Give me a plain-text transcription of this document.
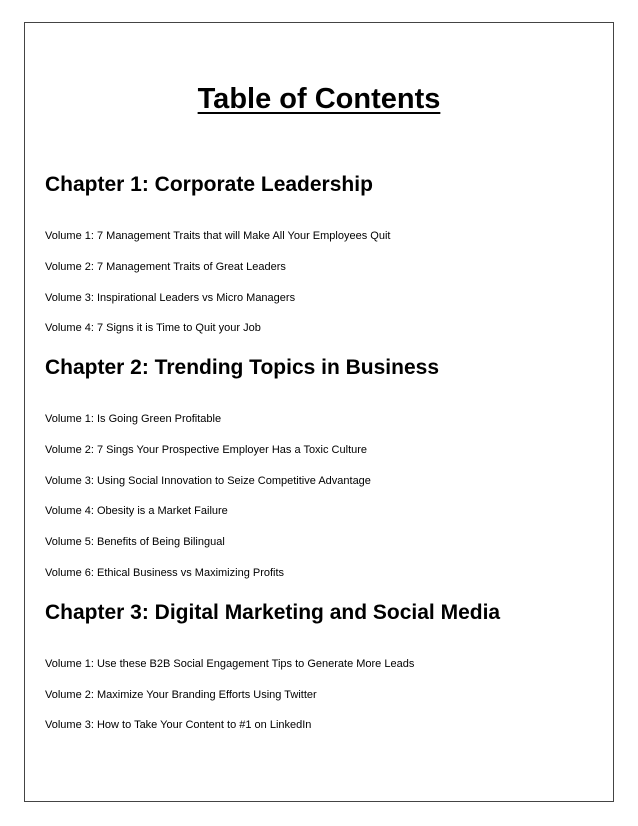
Table of Contents
Chapter 1: Corporate Leadership

Volume 1: 7 Management Traits that will Make All Your Employees Quit

Volume 2: 7 Management Traits of Great Leaders

Volume 3: Inspirational Leaders vs Micro Managers

Volume 4: 7 Signs it is Time to Quit your Job

Chapter 2: Trending Topics in Business

Volume 1: Is Going Green Profitable

Volume 2: 7 Sings Your Prospective Employer Has a Toxic Culture

Volume 3: Using Social Innovation to Seize Competitive Advantage

Volume 4: Obesity is a Market Failure

Volume 5: Benefits of Being Bilingual

Volume 6: Ethical Business vs Maximizing Profits

Chapter 3: Digital Marketing and Social Media

Volume 1: Use these B2B Social Engagement Tips to Generate More Leads

Volume 2: Maximize Your Branding Efforts Using Twitter

Volume 3: How to Take Your Content to #1 on LinkedIn
